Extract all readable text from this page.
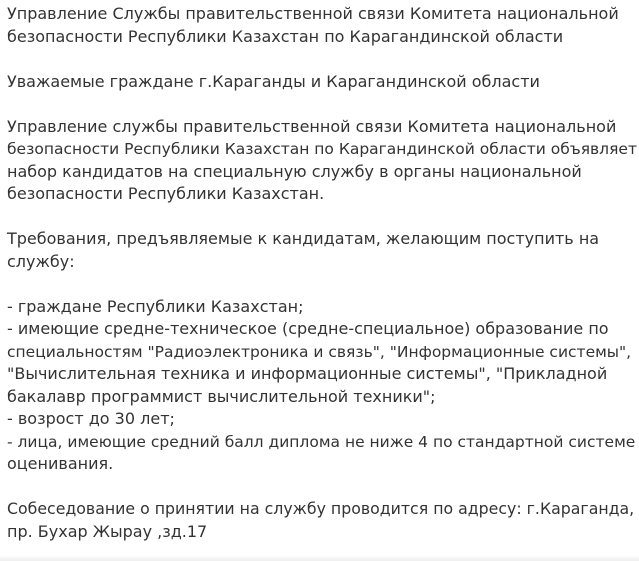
Управление Службы правительственной связи Комитета национальной
безопасности Республики Казахстан по Карагандинской области
Уважаемые граждане г.Караганды и Карагандинской области
Управление службы правительственной связи Комитета национальной
безопасности Республики Казахстан по Карагандинской области объявляет
набор кандидатов на специальную службу в органы национальной
безопасности Республики Казахстан.
Требования, предъявляемые к кандидатам, желающим поступить на
службу:
- граждане Республики Казахстан;
- имеющие средне-техническое (средне-специальное) образование по
специальностям "Радиоэлектроника и связь", "Информационные системы",
"Вычислительная техника и информационные системы", "Прикладной
бакалавр программист вычислительной техники";
- возрост до 30 лет;
- лица, имеющие средний балл диплома не ниже 4 по стандартной системе
оценивания.
Собеседование о принятии на службу проводится по адресу: г.Караганда,
пр. Бухар Жырау ,зд.17
